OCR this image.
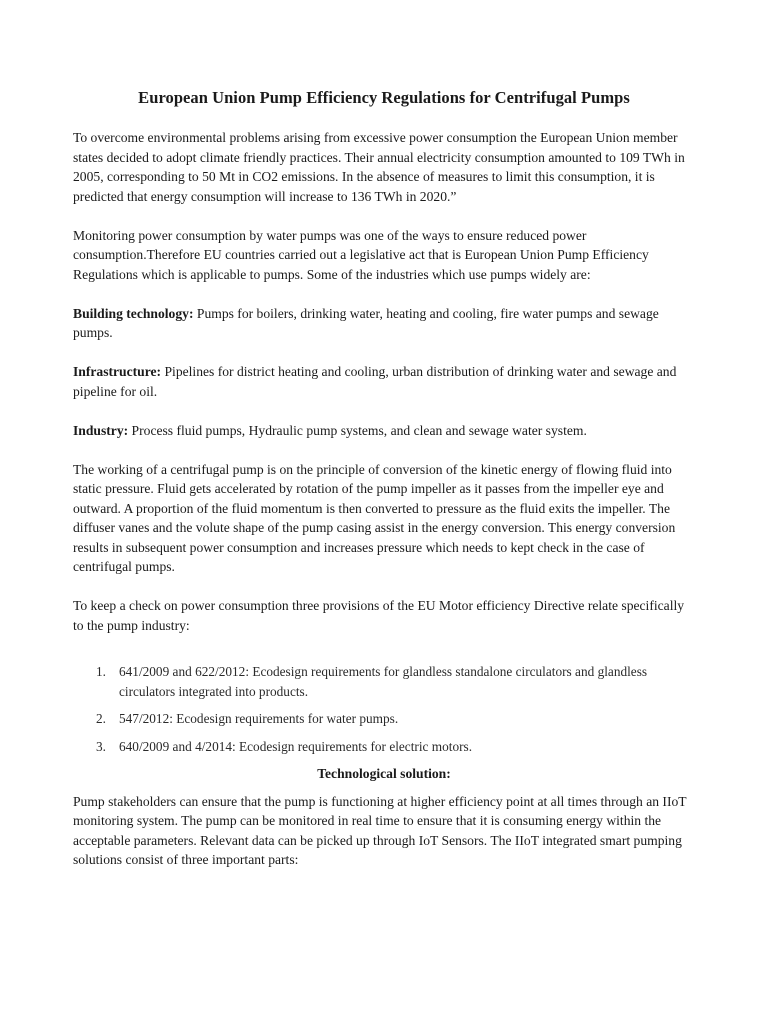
European Union Pump Efficiency Regulations for Centrifugal Pumps

To overcome environmental problems arising from excessive power consumption the European Union member states decided to adopt climate friendly practices. Their annual electricity consumption amounted to 109 TWh in 2005, corresponding to 50 Mt in CO2 emissions. In the absence of measures to limit this consumption, it is predicted that energy consumption will increase to 136 TWh in 2020.”

Monitoring power consumption by water pumps was one of the ways to ensure reduced power consumption.Therefore EU countries carried out a legislative act that is European Union Pump Efficiency Regulations which is applicable to pumps. Some of the industries which use pumps widely are:

Building technology: Pumps for boilers, drinking water, heating and cooling, fire water pumps and sewage pumps.

Infrastructure: Pipelines for district heating and cooling, urban distribution of drinking water and sewage and pipeline for oil.

Industry: Process fluid pumps, Hydraulic pump systems, and clean and sewage water system.

The working of a centrifugal pump is on the principle of conversion of the kinetic energy of flowing fluid into static pressure. Fluid gets accelerated by rotation of the pump impeller as it passes from the impeller eye and outward. A proportion of the fluid momentum is then converted to pressure as the fluid exits the impeller. The diffuser vanes and the volute shape of the pump casing assist in the energy conversion. This energy conversion results in subsequent power consumption and increases pressure which needs to kept check in the case of centrifugal pumps.

To keep a check on power consumption three provisions of the EU Motor efficiency Directive relate specifically to the pump industry:

1. 641/2009 and 622/2012: Ecodesign requirements for glandless standalone circulators and glandless circulators integrated into products.
2. 547/2012: Ecodesign requirements for water pumps.
3. 640/2009 and 4/2014: Ecodesign requirements for electric motors.
Technological solution:

Pump stakeholders can ensure that the pump is functioning at higher efficiency point at all times through an IIoT monitoring system. The pump can be monitored in real time to ensure that it is consuming energy within the acceptable parameters. Relevant data can be picked up through IoT Sensors. The IIoT integrated smart pumping solutions consist of three important parts:
